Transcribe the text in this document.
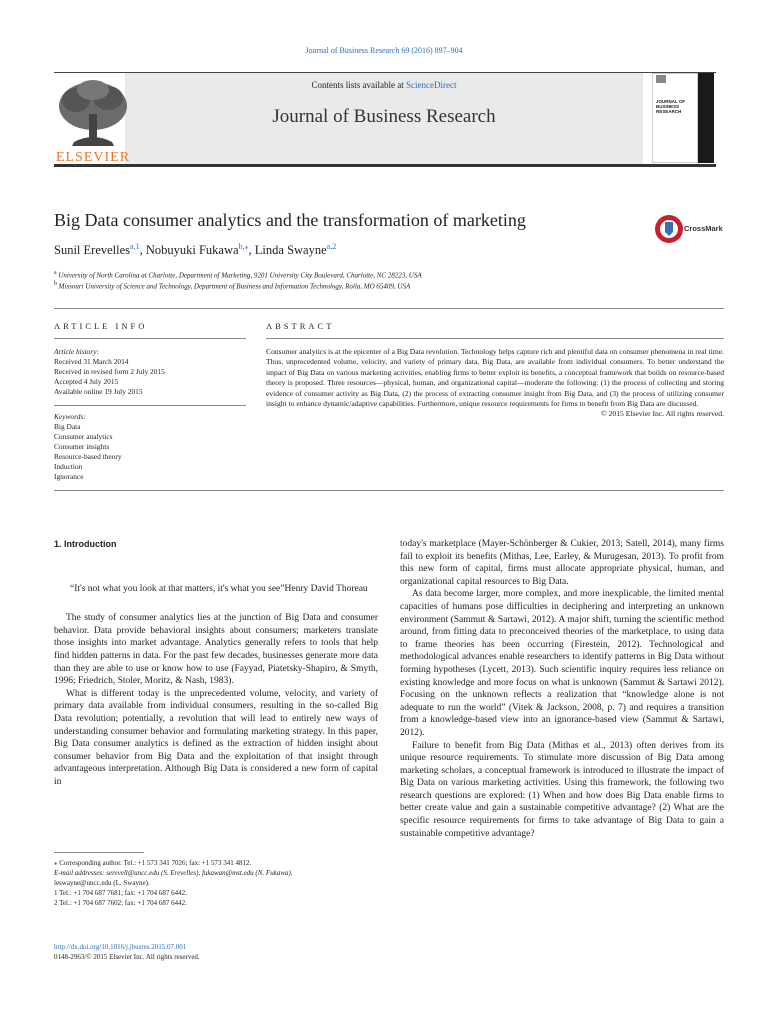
Journal of Business Research 69 (2016) 897–904
Contents lists available at ScienceDirect
Journal of Business Research
ELSEVIER
JOURNAL OF
BUSINESS
RESEARCH
Big Data consumer analytics and the transformation of marketing	CrossMark
Sunil Erevelles$^{a,1}$, Nobuyuki Fukawa$^{b,⁎}$, Linda Swayne$^{a,2}$
$^a$ University of North Carolina at Charlotte, Department of Marketing, 9201 University City Boulevard, Charlotte, NC 28223, USA
$^b$ Missouri University of Science and Technology, Department of Business and Information Technology, Rolla, MO 65409, USA
ARTICLE INFO	ABSTRACT
Article history:
Received 31 March 2014
Received in revised form 2 July 2015
Accepted 4 July 2015
Available online 19 July 2015
Keywords:
Big Data
Consumer analytics
Consumer insights
Resource-based theory
Induction
Ignorance
Consumer analytics is at the epicenter of a Big Data revolution. Technology helps capture rich and plentiful data on consumer phenomena in real time. Thus, unprecedented volume, velocity, and variety of primary data, Big Data, are available from individual consumers. To better understand the impact of Big Data on various marketing activities, enabling firms to better exploit its benefits, a conceptual framework that builds on resource-based theory is proposed. Three resources—physical, human, and organizational capital—moderate the following: (1) the process of collecting and storing evidence of consumer activity as Big Data, (2) the process of extracting consumer insight from Big Data, and (3) the process of utilizing consumer insight to enhance dynamic/adaptive capabilities. Furthermore, unique resource requirements for firms to benefit from Big Data are discussed.
© 2015 Elsevier Inc. All rights reserved.
1. Introduction
“It's not what you look at that matters, it's what you see”Henry David Thoreau

The study of consumer analytics lies at the junction of Big Data and consumer behavior. Data provide behavioral insights about consumers; marketers translate those insights into market advantage. Analytics generally refers to tools that help find hidden patterns in data. For the past few decades, businesses generate more data than they are able to use or know how to use (Fayyad, Piatetsky-Shapiro, & Smyth, 1996; Friedrich, Stoler, Moritz, & Nash, 1983).

What is different today is the unprecedented volume, velocity, and variety of primary data available from individual consumers, resulting in the so-called Big Data revolution; potentially, a revolution that will lead to entirely new ways of understanding consumer behavior and formulating marketing strategy. In this paper, Big Data consumer analytics is defined as the extraction of hidden insight about consumer behavior from Big Data and the exploitation of that insight through advantageous interpretation. Although Big Data is considered a new form of capital in

today's marketplace (Mayer-Schönberger & Cukier, 2013; Satell, 2014), many firms fail to exploit its benefits (Mithas, Lee, Earley, & Murugesan, 2013). To profit from this new form of capital, firms must allocate appropriate physical, human, and organizational capital resources to Big Data.

As data become larger, more complex, and more inexplicable, the limited mental capacities of humans pose difficulties in deciphering and interpreting an unknown environment (Sammut & Sartawi, 2012). A major shift, turning the scientific method around, from fitting data to preconceived theories of the marketplace, to using data to frame theories has been occurring (Firestein, 2012). Technological and methodological advances enable researchers to identify patterns in Big Data without forming hypotheses (Lycett, 2013). Such scientific inquiry requires less reliance on existing knowledge and more focus on what is unknown (Sammut & Sartawi 2012). Focusing on the unknown reflects a realization that “knowledge alone is not adequate to run the world” (Vitek & Jackson, 2008, p. 7) and requires a transition from a knowledge-based view into an ignorance-based view (Sammut & Sartawi, 2012).

Failure to benefit from Big Data (Mithas et al., 2013) often derives from its unique resource requirements. To stimulate more discussion of Big Data among marketing scholars, a conceptual framework is introduced to illustrate the impact of Big Data on various marketing activities. Using this framework, the following two research questions are explored: (1) When and how does Big Data enable firms to better create value and gain a sustainable competitive advantage? (2) What are the specific resource requirements for firms to take advantage of Big Data to gain a sustainable competitive advantage?

⁎ Corresponding author. Tel.: +1 573 341 7026; fax: +1 573 341 4812.
E-mail addresses: serevell@uncc.edu (S. Erevelles), fukawan@mst.edu (N. Fukawa),
leswayne@uncc.edu (L. Swayne).
1 Tel.: +1 704 687 7681; fax: +1 704 687 6442.
2 Tel.: +1 704 687 7602; fax: +1 704 687 6442.
http://dx.doi.org/10.1016/j.jbusres.2015.07.001
0148-2963/© 2015 Elsevier Inc. All rights reserved.
